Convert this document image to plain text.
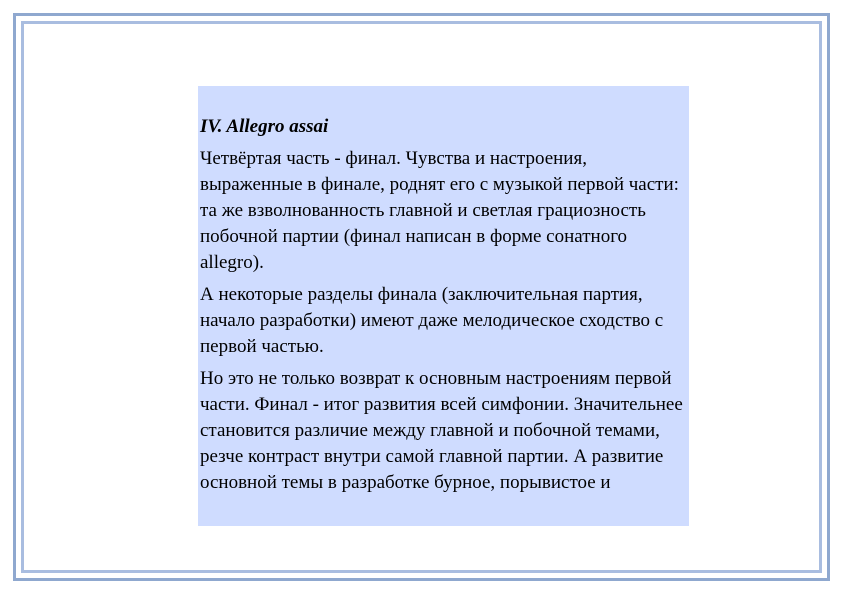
IV. Allegro assai

Четвёртая часть - финал. Чувства и настроения, выраженные в финале, роднят его с музыкой первой части: та же взволнованность главной и светлая грациозность побочной партии (финал написан в форме сонатного allegro).

А некоторые разделы финала (заключительная партия, начало разработки) имеют даже мелодическое сходство с первой частью.

Но это не только возврат к основным настроениям первой части. Финал - итог развития всей симфонии. Значительнее становится различие между главной и побочной темами, резче контраст внутри самой главной партии. А развитие основной темы в разработке бурное, порывистое и
